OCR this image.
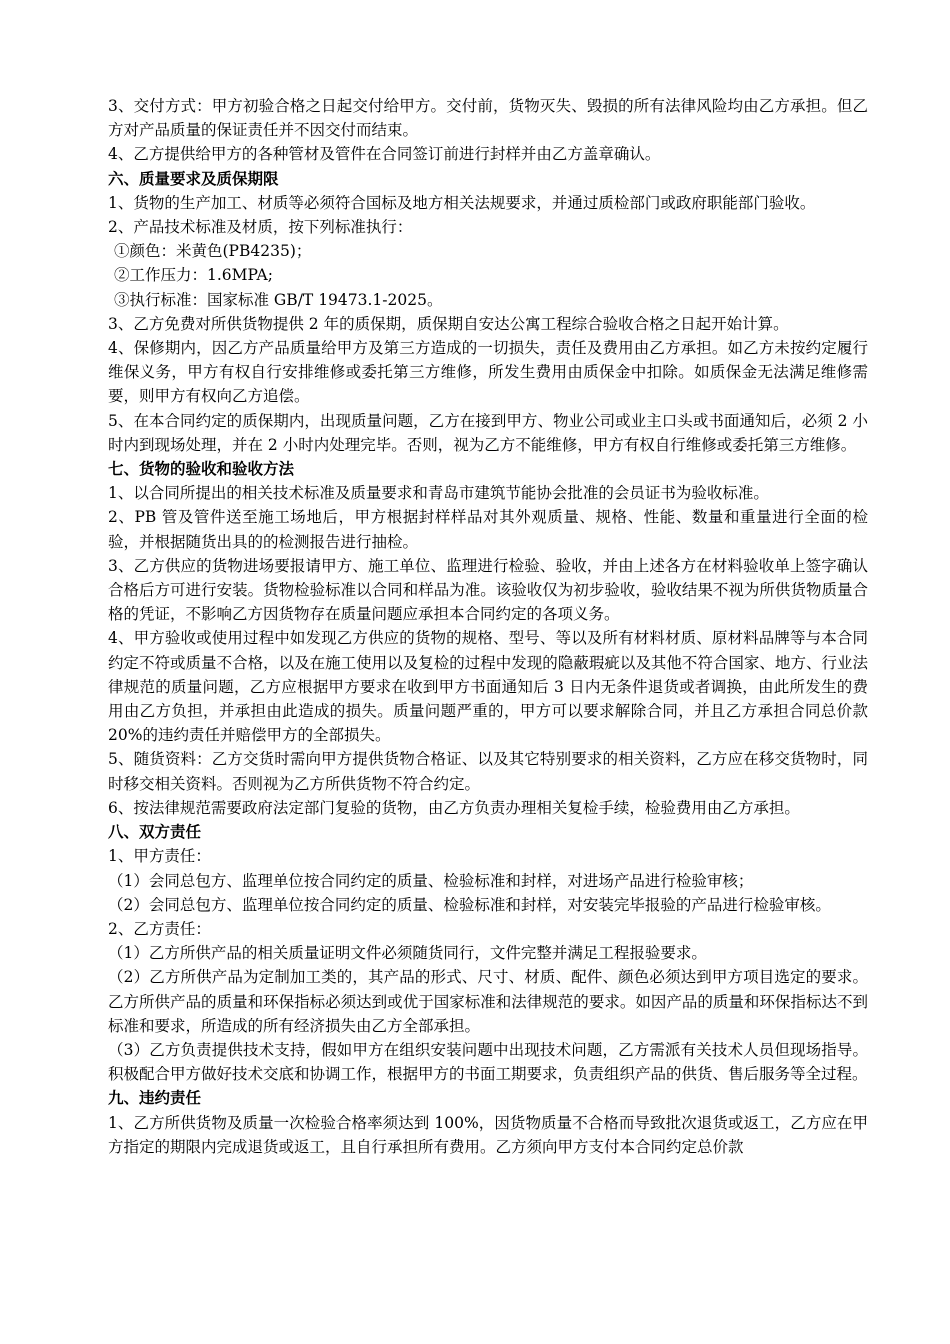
3、交付方式：甲方初验合格之日起交付给甲方。交付前，货物灭失、毁损的所有法律风险均由乙方承担。但乙方对产品质量的保证责任并不因交付而结束。

4、乙方提供给甲方的各种管材及管件在合同签订前进行封样并由乙方盖章确认。

六、质量要求及质保期限

1、货物的生产加工、材质等必须符合国标及地方相关法规要求，并通过质检部门或政府职能部门验收。

2、产品技术标准及材质，按下列标准执行：

①颜色：米黄色(PB4235)；

②工作压力：1.6MPA;

③执行标准：国家标准 GB/T 19473.1-2025。

3、乙方免费对所供货物提供 2 年的质保期，质保期自安达公寓工程综合验收合格之日起开始计算。

4、保修期内，因乙方产品质量给甲方及第三方造成的一切损失，责任及费用由乙方承担。如乙方未按约定履行维保义务，甲方有权自行安排维修或委托第三方维修，所发生费用由质保金中扣除。如质保金无法满足维修需要，则甲方有权向乙方追偿。

5、在本合同约定的质保期内，出现质量问题，乙方在接到甲方、物业公司或业主口头或书面通知后，必须 2 小时内到现场处理，并在 2 小时内处理完毕。否则，视为乙方不能维修，甲方有权自行维修或委托第三方维修。

七、货物的验收和验收方法

1、以合同所提出的相关技术标准及质量要求和青岛市建筑节能协会批准的会员证书为验收标准。

2、PB 管及管件送至施工场地后，甲方根据封样样品对其外观质量、规格、性能、数量和重量进行全面的检验，并根据随货出具的的检测报告进行抽检。

3、乙方供应的货物进场要报请甲方、施工单位、监理进行检验、验收，并由上述各方在材料验收单上签字确认合格后方可进行安装。货物检验标准以合同和样品为准。该验收仅为初步验收，验收结果不视为所供货物质量合格的凭证，不影响乙方因货物存在质量问题应承担本合同约定的各项义务。

4、甲方验收或使用过程中如发现乙方供应的货物的规格、型号、等以及所有材料材质、原材料品牌等与本合同约定不符或质量不合格，以及在施工使用以及复检的过程中发现的隐蔽瑕疵以及其他不符合国家、地方、行业法律规范的质量问题，乙方应根据甲方要求在收到甲方书面通知后 3 日内无条件退货或者调换，由此所发生的费用由乙方负担，并承担由此造成的损失。质量问题严重的，甲方可以要求解除合同，并且乙方承担合同总价款 20%的违约责任并赔偿甲方的全部损失。

5、随货资料：乙方交货时需向甲方提供货物合格证、以及其它特别要求的相关资料，乙方应在移交货物时，同时移交相关资料。否则视为乙方所供货物不符合约定。

6、按法律规范需要政府法定部门复验的货物，由乙方负责办理相关复检手续，检验费用由乙方承担。

八、双方责任

1、甲方责任：

（1）会同总包方、监理单位按合同约定的质量、检验标准和封样，对进场产品进行检验审核；

（2）会同总包方、监理单位按合同约定的质量、检验标准和封样，对安装完毕报验的产品进行检验审核。

2、乙方责任：

（1）乙方所供产品的相关质量证明文件必须随货同行，文件完整并满足工程报验要求。

（2）乙方所供产品为定制加工类的，其产品的形式、尺寸、材质、配件、颜色必须达到甲方项目选定的要求。乙方所供产品的质量和环保指标必须达到或优于国家标准和法律规范的要求。如因产品的质量和环保指标达不到标准和要求，所造成的所有经济损失由乙方全部承担。

（3）乙方负责提供技术支持，假如甲方在组织安装问题中出现技术问题，乙方需派有关技术人员但现场指导。积极配合甲方做好技术交底和协调工作，根据甲方的书面工期要求，负责组织产品的供货、售后服务等全过程。

九、违约责任

1、乙方所供货物及质量一次检验合格率须达到 100%，因货物质量不合格而导致批次退货或返工，乙方应在甲方指定的期限内完成退货或返工，且自行承担所有费用。乙方须向甲方支付本合同约定总价款
